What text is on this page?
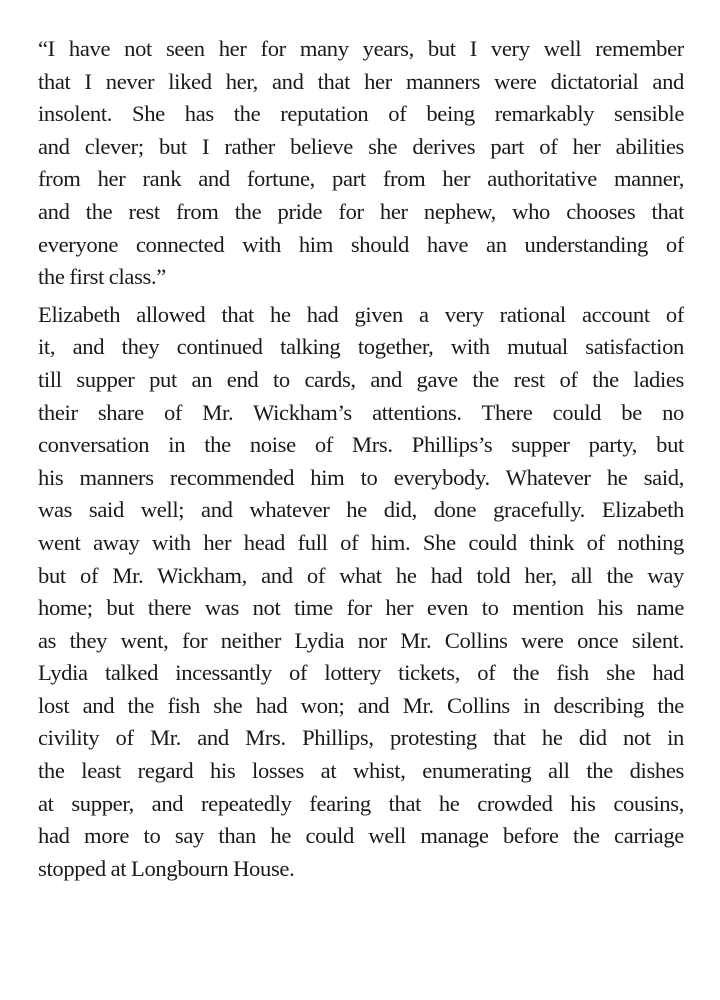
“I have not seen her for many years, but I very well remember
that I never liked her, and that her manners were dictatorial and
insolent. She has the reputation of being remarkably sensible
and clever; but I rather believe she derives part of her abilities
from her rank and fortune, part from her authoritative manner,
and the rest from the pride for her nephew, who chooses that
everyone connected with him should have an understanding of
the first class.”

Elizabeth allowed that he had given a very rational account of
it, and they continued talking together, with mutual satisfaction
till supper put an end to cards, and gave the rest of the ladies
their share of Mr. Wickham’s attentions. There could be no
conversation in the noise of Mrs. Phillips’s supper party, but
his manners recommended him to everybody. Whatever he said,
was said well; and whatever he did, done gracefully. Elizabeth
went away with her head full of him. She could think of nothing
but of Mr. Wickham, and of what he had told her, all the way
home; but there was not time for her even to mention his name
as they went, for neither Lydia nor Mr. Collins were once silent.
Lydia talked incessantly of lottery tickets, of the fish she had
lost and the fish she had won; and Mr. Collins in describing the
civility of Mr. and Mrs. Phillips, protesting that he did not in
the least regard his losses at whist, enumerating all the dishes
at supper, and repeatedly fearing that he crowded his cousins,
had more to say than he could well manage before the carriage
stopped at Longbourn House.
